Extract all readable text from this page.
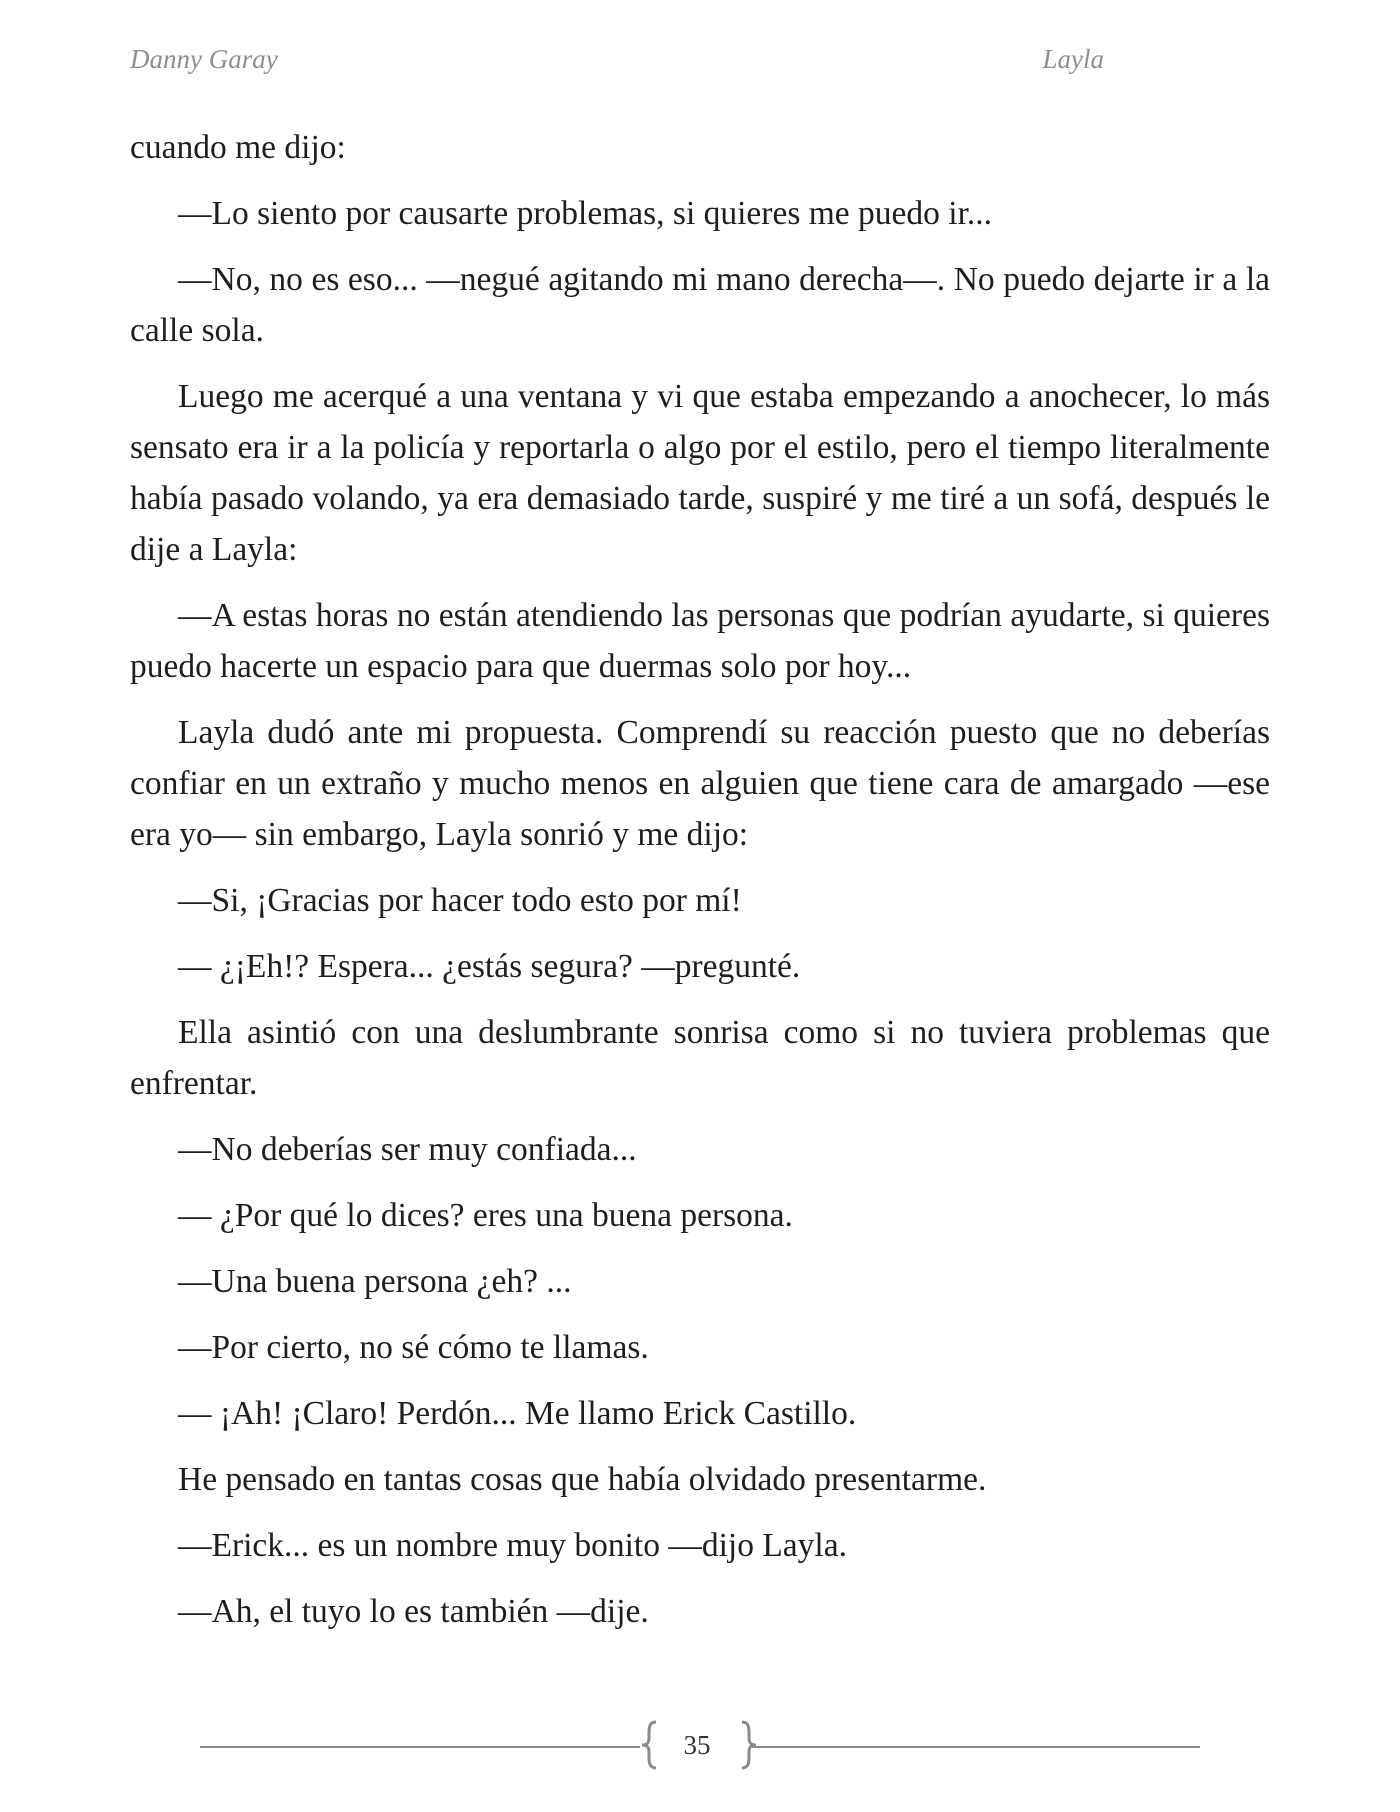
Danny Garay	Layla

cuando me dijo:

—Lo siento por causarte problemas, si quieres me puedo ir...

—No, no es eso... —negué agitando mi mano derecha—. No puedo dejarte ir a la calle sola.

Luego me acerqué a una ventana y vi que estaba empezando a anochecer, lo más sensato era ir a la policía y reportarla o algo por el estilo, pero el tiempo literalmente había pasado volando, ya era demasiado tarde, suspiré y me tiré a un sofá, después le dije a Layla:

—A estas horas no están atendiendo las personas que podrían ayudarte, si quieres puedo hacerte un espacio para que duermas solo por hoy...

Layla dudó ante mi propuesta. Comprendí su reacción puesto que no deberías confiar en un extraño y mucho menos en alguien que tiene cara de amargado —ese era yo— sin embargo, Layla sonrió y me dijo:

—Si, ¡Gracias por hacer todo esto por mí!

— ¿¡Eh!? Espera... ¿estás segura? —pregunté.

Ella asintió con una deslumbrante sonrisa como si no tuviera problemas que enfrentar.

—No deberías ser muy confiada...

— ¿Por qué lo dices? eres una buena persona.

—Una buena persona ¿eh? ...

—Por cierto, no sé cómo te llamas.

— ¡Ah! ¡Claro! Perdón... Me llamo Erick Castillo.

He pensado en tantas cosas que había olvidado presentarme.

—Erick... es un nombre muy bonito —dijo Layla.

—Ah, el tuyo lo es también —dije.

35
